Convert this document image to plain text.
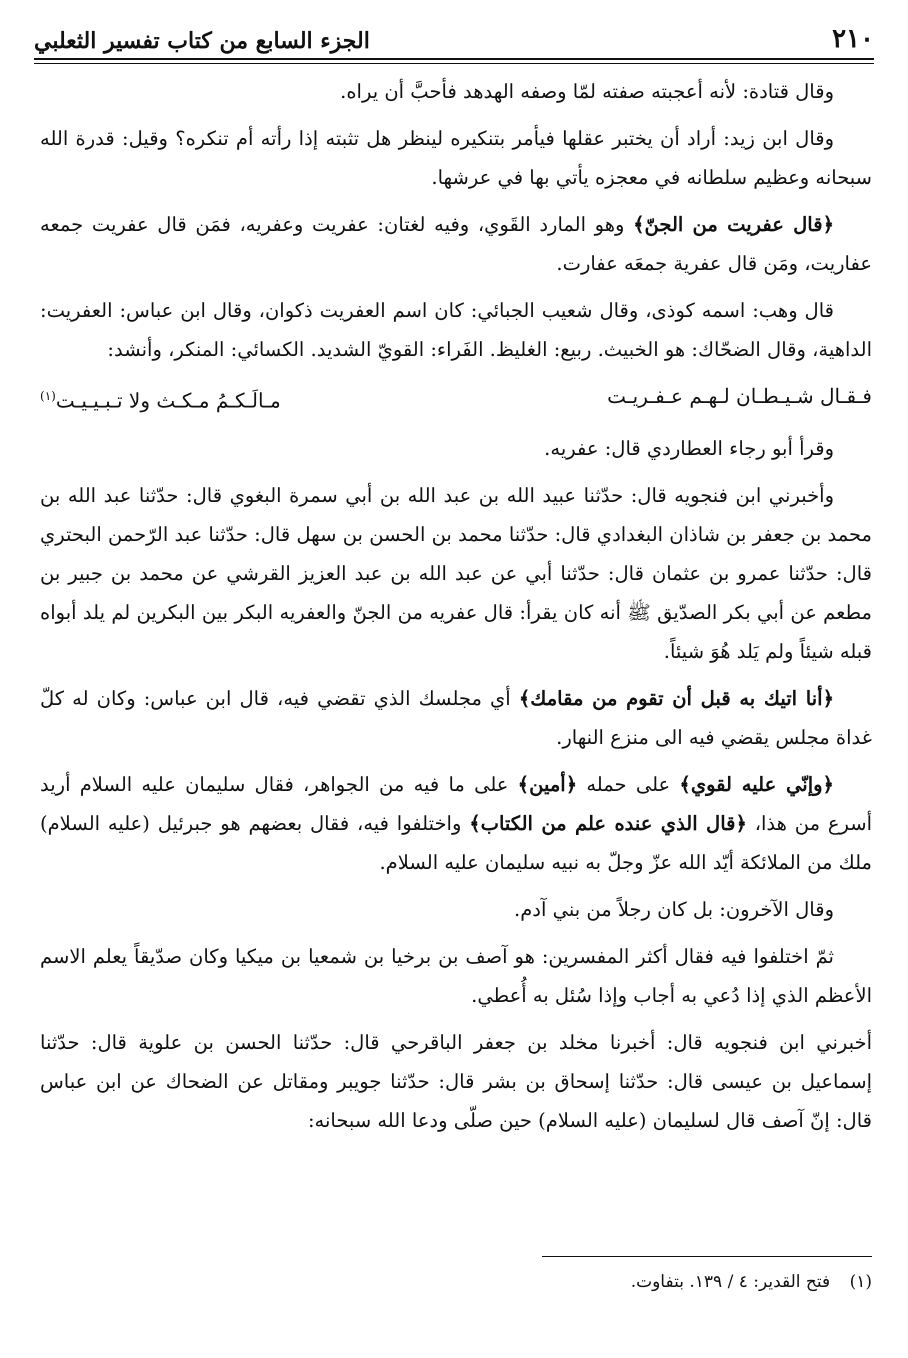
٢١٠
الجزء السابع من كتاب تفسير الثعلبي

وقال قتادة: لأنه أعجبته صفته لمّا وصفه الهدهد فأحبَّ أن يراه.

وقال ابن زيد: أراد أن يختبر عقلها فيأمر بتنكيره لينظر هل تثبته إذا رأته أم تنكره؟ وقيل: قدرة الله سبحانه وعظيم سلطانه في معجزه يأتي بها في عرشها.

﴿قال عفريت من الجنّ﴾ وهو المارد القَوي، وفيه لغتان: عفريت وعفريه، فمَن قال عفريت جمعه عفاريت، ومَن قال عفرية جمعَه عفارت.

قال وهب: اسمه كوذى، وقال شعيب الجبائي: كان اسم العفريت ذكوان، وقال ابن عباس: العفريت: الداهية، وقال الضحّاك: هو الخبيث. ربيع: الغليظ. الفَراء: القويّ الشديد. الكسائي: المنكر، وأنشد:

فـقـال شـيـطـان لـهـم عـفـريـت
مـالَـكـمُ مـكـث ولا تـبـيـيـت$^{(١)}$

وقرأ أبو رجاء العطاردي قال: عفريه.

وأخبرني ابن فنجويه قال: حدّثنا عبيد الله بن عبد الله بن أبي سمرة البغوي قال: حدّثنا عبد الله بن محمد بن جعفر بن شاذان البغدادي قال: حدّثنا محمد بن الحسن بن سهل قال: حدّثنا عبد الرّحمن البحتري قال: حدّثنا عمرو بن عثمان قال: حدّثنا أبي عن عبد الله بن عبد العزيز القرشي عن محمد بن جبير بن مطعم عن أبي بكر الصدّيق ﷺ أنه كان يقرأ: قال عفريه من الجنّ والعفريه البكر بين البكرين لم يلد أبواه قبله شيئاً ولم يَلد هُوَ شيئاً.

﴿أنا اتيك به قبل أن تقوم من مقامك﴾ أي مجلسك الذي تقضي فيه، قال ابن عباس: وكان له كلّ غداة مجلس يقضي فيه الى منزع النهار.

﴿وإنّي عليه لقوي﴾ على حمله ﴿أمين﴾ على ما فيه من الجواهر، فقال سليمان عليه السلام أريد أسرع من هذا، ﴿قال الذي عنده علم من الكتاب﴾ واختلفوا فيه، فقال بعضهم هو جبرئيل (عليه السلام) ملك من الملائكة أيّد الله عزّ وجلّ به نبيه سليمان عليه السلام.

وقال الآخرون: بل كان رجلاً من بني آدم.

ثمّ اختلفوا فيه فقال أكثر المفسرين: هو آصف بن برخيا بن شمعيا بن ميكيا وكان صدّيقاً يعلم الاسم الأعظم الذي إذا دُعي به أجاب وإذا سُئل به أُعطي.

أخبرني ابن فنجويه قال: أخبرنا مخلد بن جعفر الباقرحي قال: حدّثنا الحسن بن علوية قال: حدّثنا إسماعيل بن عيسى قال: حدّثنا إسحاق بن بشر قال: حدّثنا جويبر ومقاتل عن الضحاك عن ابن عباس قال: إنّ آصف قال لسليمان (عليه السلام) حين صلّى ودعا الله سبحانه:

(١) فتح القدير: ٤ / ١٣٩. بتفاوت.
